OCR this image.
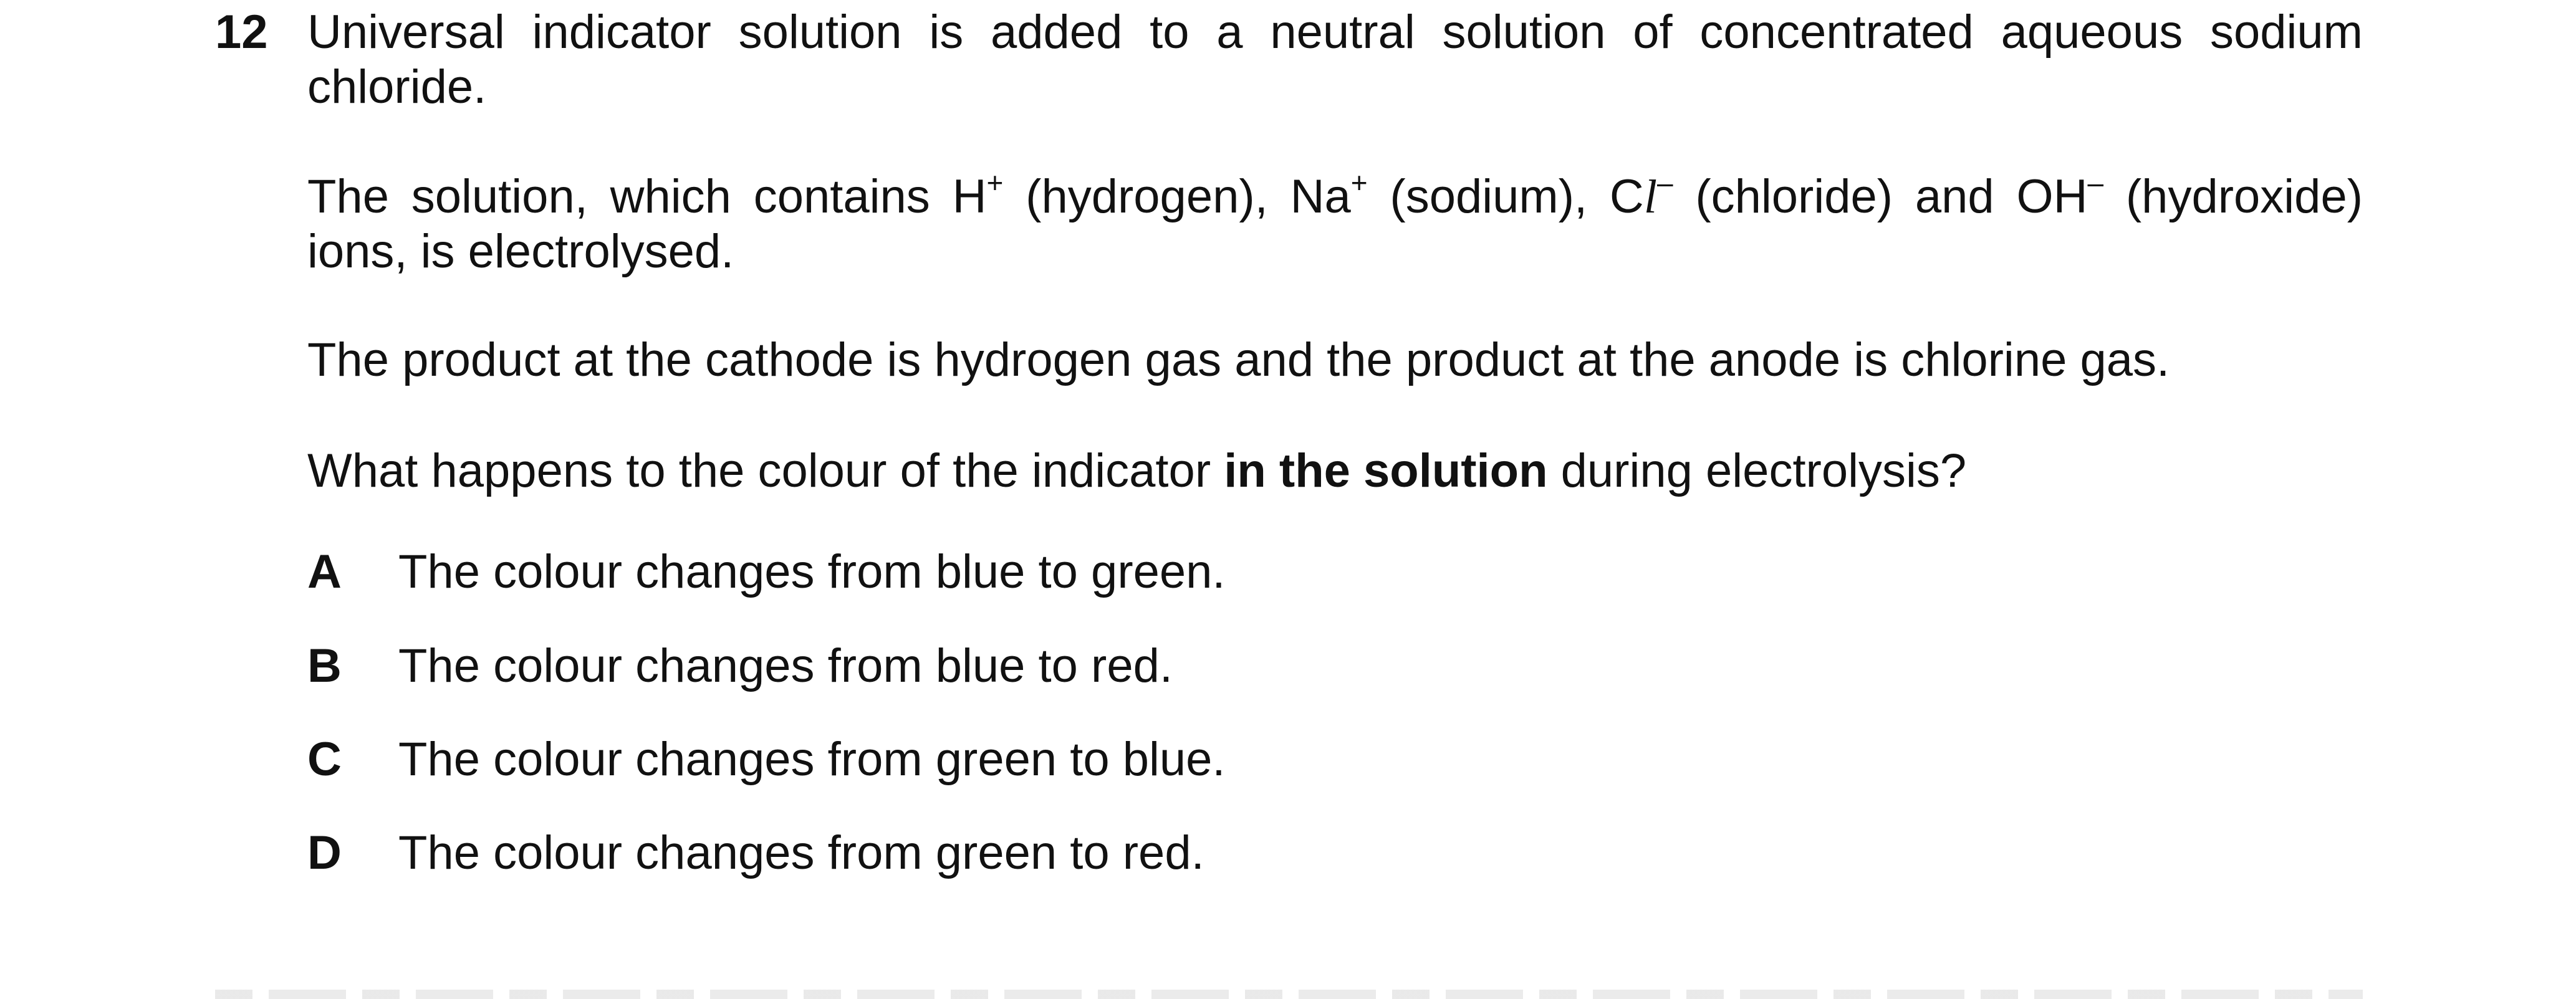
12 Universal indicator solution is added to a neutral solution of concentrated aqueous sodium chloride.

The solution, which contains H+ (hydrogen), Na+ (sodium), Cl– (chloride) and OH– (hydroxide) ions, is electrolysed.

The product at the cathode is hydrogen gas and the product at the anode is chlorine gas.

What happens to the colour of the indicator in the solution during electrolysis?

A The colour changes from blue to green.
B The colour changes from blue to red.
C The colour changes from green to blue.
D The colour changes from green to red.
